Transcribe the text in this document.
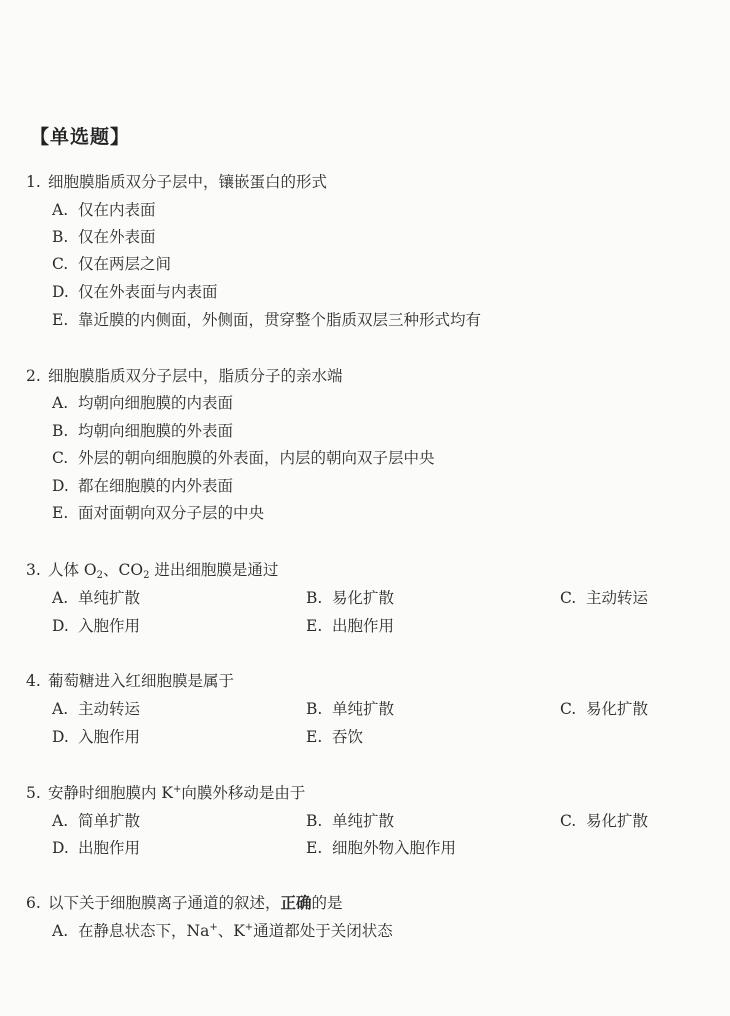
【单选题】
1. 细胞膜脂质双分子层中，镶嵌蛋白的形式
A. 仅在内表面
B. 仅在外表面
C. 仅在两层之间
D. 仅在外表面与内表面
E. 靠近膜的内侧面，外侧面，贯穿整个脂质双层三种形式均有
2. 细胞膜脂质双分子层中，脂质分子的亲水端
A. 均朝向细胞膜的内表面
B. 均朝向细胞膜的外表面
C. 外层的朝向细胞膜的外表面，内层的朝向双子层中央
D. 都在细胞膜的内外表面
E. 面对面朝向双分子层的中央
3. 人体 $O_2$、$CO_2$ 进出细胞膜是通过
A. 单纯扩散	B. 易化扩散	C. 主动转运
D. 入胞作用	E. 出胞作用
4. 葡萄糖进入红细胞膜是属于
A. 主动转运	B. 单纯扩散	C. 易化扩散
D. 入胞作用	E. 吞饮
5. 安静时细胞膜内 K+向膜外移动是由于
A. 简单扩散	B. 单纯扩散	C. 易化扩散
D. 出胞作用	E. 细胞外物入胞作用
6. 以下关于细胞膜离子通道的叙述，正确的是
A. 在静息状态下，Na+、K+通道都处于关闭状态
